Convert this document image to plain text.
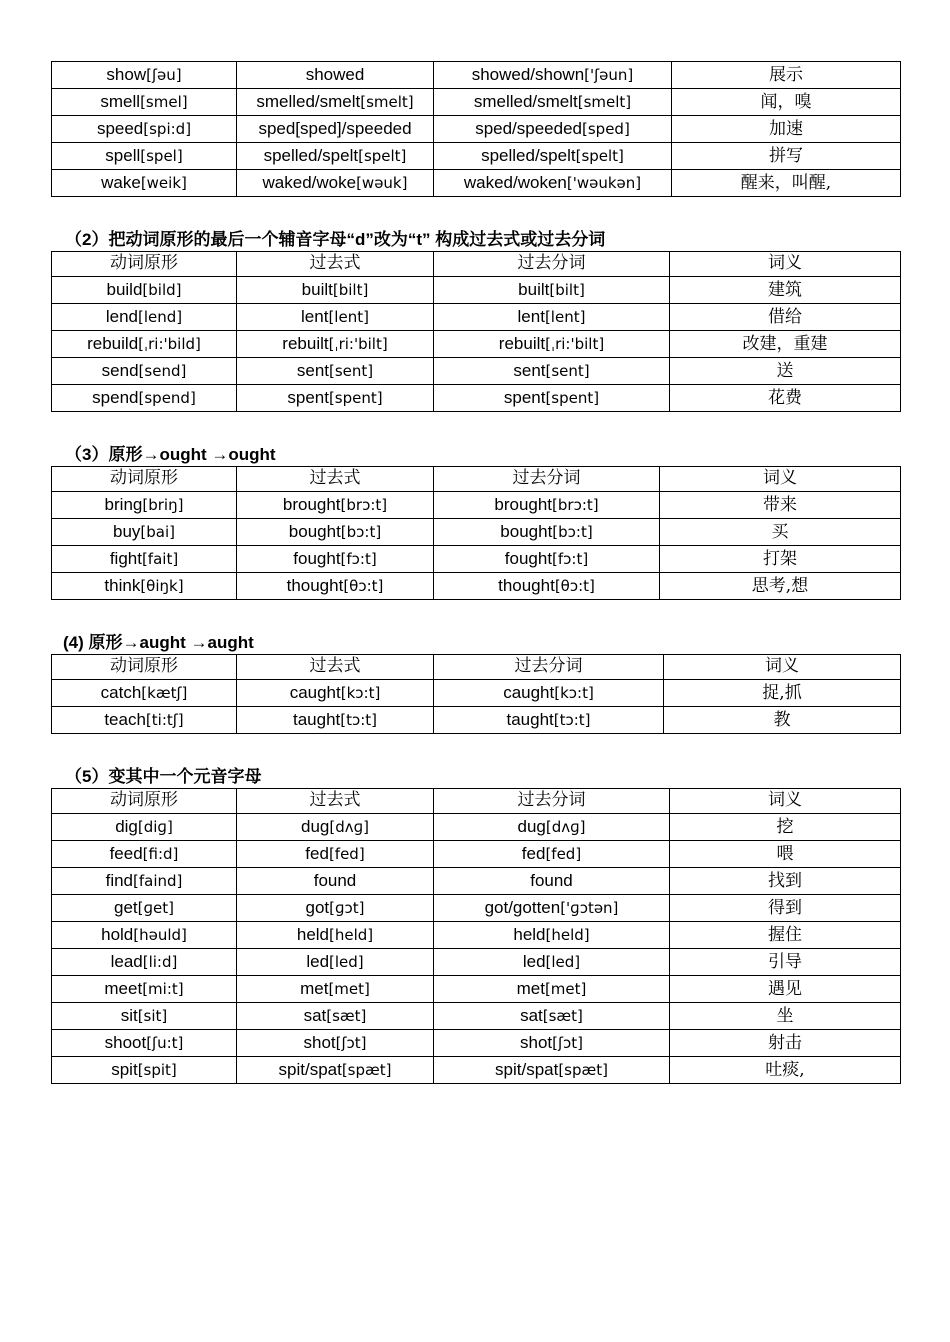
show[ʃəu]	showed	showed/shown['ʃəun]	展示
smell[smel]	smelled/smelt[smelt]	smelled/smelt[smelt]	闻，嗅
speed[spi:d]	sped[sped]/speeded	sped/speeded[sped]	加速
spell[spel]	spelled/spelt[spelt]	spelled/spelt[spelt]	拼写
wake[weik]	waked/woke[wəuk]	waked/woken['wəukən]	醒来，叫醒,
（2）把动词原形的最后一个辅音字母“d”改为“t” 构成过去式或过去分词
动词原形	过去式	过去分词	词义
build[bild]	built[bilt]	built[bilt]	建筑
lend[lend]	lent[lent]	lent[lent]	借给
rebuild[ˌri:'bild]	rebuilt[ˌri:'bilt]	rebuilt[ˌri:'bilt]	改建，重建
send[send]	sent[sent]	sent[sent]	送
spend[spend]	spent[spent]	spent[spent]	花费
（3）原形→ought →ought
动词原形	过去式	过去分词	词义
bring[briŋ]	brought[brɔ:t]	brought[brɔ:t]	带来
buy[bai]	bought[bɔ:t]	bought[bɔ:t]	买
fight[fait]	fought[fɔ:t]	fought[fɔ:t]	打架
think[θiŋk]	thought[θɔ:t]	thought[θɔ:t]	思考,想
(4) 原形→aught →aught
动词原形	过去式	过去分词	词义
catch[kætʃ]	caught[kɔ:t]	caught[kɔ:t]	捉,抓
teach[ti:tʃ]	taught[tɔ:t]	taught[tɔ:t]	教
（5）变其中一个元音字母
动词原形	过去式	过去分词	词义
dig[diɡ]	dug[dʌɡ]	dug[dʌɡ]	挖
feed[fi:d]	fed[fed]	fed[fed]	喂
find[faind]	found	found	找到
get[ɡet]	got[ɡɔt]	got/gotten['ɡɔtən]	得到
hold[həuld]	held[held]	held[held]	握住
lead[li:d]	led[led]	led[led]	引导
meet[mi:t]	met[met]	met[met]	遇见
sit[sit]	sat[sæt]	sat[sæt]	坐
shoot[ʃu:t]	shot[ʃɔt]	shot[ʃɔt]	射击
spit[spit]	spit/spat[spæt]	spit/spat[spæt]	吐痰,
